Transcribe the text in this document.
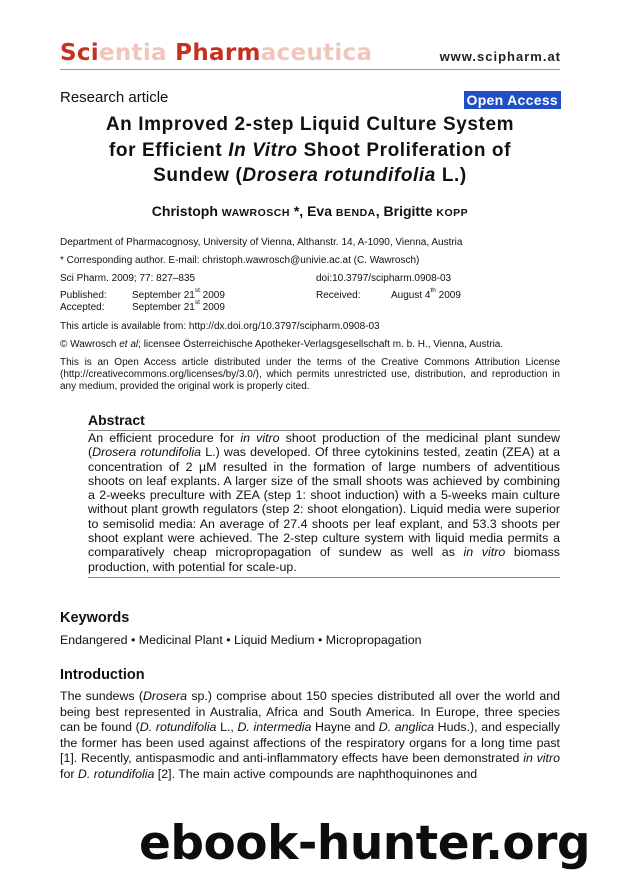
Scientia Pharmaceutica	www.scipharm.at
Research article	Open Access
An Improved 2-step Liquid Culture System
for Efficient In Vitro Shoot Proliferation of
Sundew (Drosera rotundifolia L.)
Christoph WAWROSCH *, Eva BENDA, Brigitte KOPP
Department of Pharmacognosy, University of Vienna, Althanstr. 14, A-1090, Vienna, Austria
* Corresponding author. E-mail: christoph.wawrosch@univie.ac.at (C. Wawrosch)
Sci Pharm. 2009; 77: 827–835	doi:10.3797/scipharm.0908-03
Published:	September 21st 2009	Received:	August 4th 2009
Accepted:	September 21st 2009
This article is available from: http://dx.doi.org/10.3797/scipharm.0908-03
© Wawrosch et al; licensee Österreichische Apotheker-Verlagsgesellschaft m. b. H., Vienna, Austria.
This is an Open Access article distributed under the terms of the Creative Commons Attribution License (http://creativecommons.org/licenses/by/3.0/), which permits unrestricted use, distribution, and reproduction in any medium, provided the original work is properly cited.
Abstract
An efficient procedure for in vitro shoot production of the medicinal plant sundew (Drosera rotundifolia L.) was developed. Of three cytokinins tested, zeatin (ZEA) at a concentration of 2 µM resulted in the formation of large numbers of adventitious shoots on leaf explants. A larger size of the small shoots was achieved by combining a 2-weeks preculture with ZEA (step 1: shoot induction) with a 5-weeks main culture without plant growth regulators (step 2: shoot elongation). Liquid media were superior to semisolid media: An average of 27.4 shoots per leaf explant, and 53.3 shoots per shoot explant were achieved. The 2-step culture system with liquid media permits a comparatively cheap micropropagation of sundew as well as in vitro biomass production, with potential for scale-up.
Keywords
Endangered • Medicinal Plant • Liquid Medium • Micropropagation
Introduction
The sundews (Drosera sp.) comprise about 150 species distributed all over the world and being best represented in Australia, Africa and South America. In Europe, three species can be found (D. rotundifolia L., D. intermedia Hayne and D. anglica Huds.), and especially the former has been used against affections of the respiratory organs for a long time past [1]. Recently, antispasmodic and anti-inflammatory effects have been demonstrated in vitro for D. rotundifolia [2]. The main active compounds are naphthoquinones and
ebook-hunter.org
